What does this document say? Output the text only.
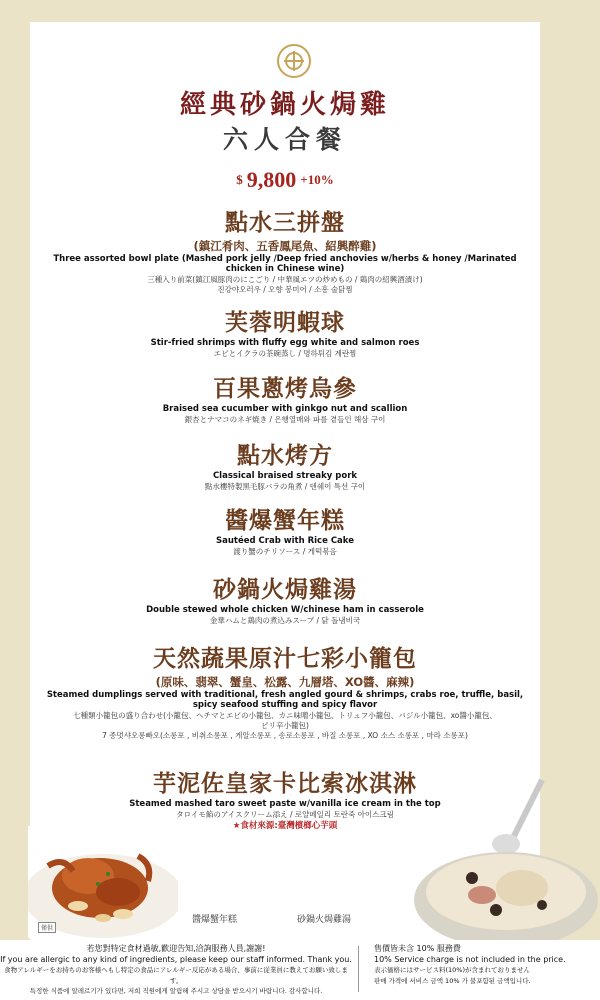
經典砂鍋火焗雞
六人合餐
$ 9,800 +10%
點水三拼盤
(鎮江肴肉、五香鳳尾魚、紹興醉雞)
Three assorted bowl plate (Mashed pork jelly /Deep fried anchovies w/herbs & honey /Marinated chicken in Chinese wine)
三種入り前菜(鎮江風豚肉のにこごり / 中華風エツの炒めもの / 鶏肉の紹興酒漬け)
진강야오러우 / 오향 봉미어 / 소흥 술닭찜
芙蓉明蝦球
Stir-fried shrimps with fluffy egg white and salmon roes
エビとイクラの茶碗蒸し / 명하튀김 계란찜
百果蔥烤烏參
Braised sea cucumber with ginkgo nut and scallion
銀杏とナマコのネギ焼き / 은행열매와 파를 곁들인 해삼 구이
點水烤方
Classical braised streaky pork
點水樓特製黒毛豚バラの角煮 / 덴쉐이 특선 구이
醬爆蟹年糕
Sautéed Crab with Rice Cake
渡り蟹のチリソース / 게떡볶음
砂鍋火焗雞湯
Double stewed whole chicken W/chinese ham in casserole
金華ハムと鶏肉の煮込みスープ / 닭 돌냄비국
天然蔬果原汁七彩小籠包
(原味、翡翠、蟹皇、松露、九層塔、XO醬、麻辣)
Steamed dumplings served with traditional, fresh angled gourd & shrimps, crabs roe, truffle, basil, spicy seafood stuffing and spicy flavor
七種類小籠包の盛り合わせ(小籠包、ヘチマとエビの小籠包、カニ味噌小籠包、トリュフ小籠包、バジル小籠包、xo醬小籠包、ピリ辛小籠包)
7 종멋샤오롱빠오(소롱포 , 비취소롱포 , 게알소롱포 , 송로소롱포 , 바질 소롱포 , XO 소스 소롱포 , 마라 소롱포)
芋泥佐皇家卡比索冰淇淋
Steamed mashed taro sweet paste w/vanilla ice cream in the top
タロイモ餡のアイスクリーム添え / 로얄페일리 토란죽 아이스크림
★食材來源:臺灣檳榔心芋頭
醬爆蟹年糕	砂鍋火焗雞湯
僅供
若您對特定食材過敏,歡迎告知,洽詢服務人員,謝謝!
If you are allergic to any kind of ingredients, please keep our staff informed. Thank you.
食物アレルギーをお持ちのお客様へもし特定の食品にアレルギー反応がある場合、事前に従業員に教えてお願い致します。
특정한 식품에 알레르기가 있다면, 저희 직원에게 알림해 주시고 상담을 받으시기 바랍니다. 감사합니다.
售價皆未含 10% 服務費
10% Service charge is not included in the price.
表示価格にはサービス料(10%)が含まれておりません
판매 가격에 서비스 금액 10% 가 불포함된 금액입니다.
